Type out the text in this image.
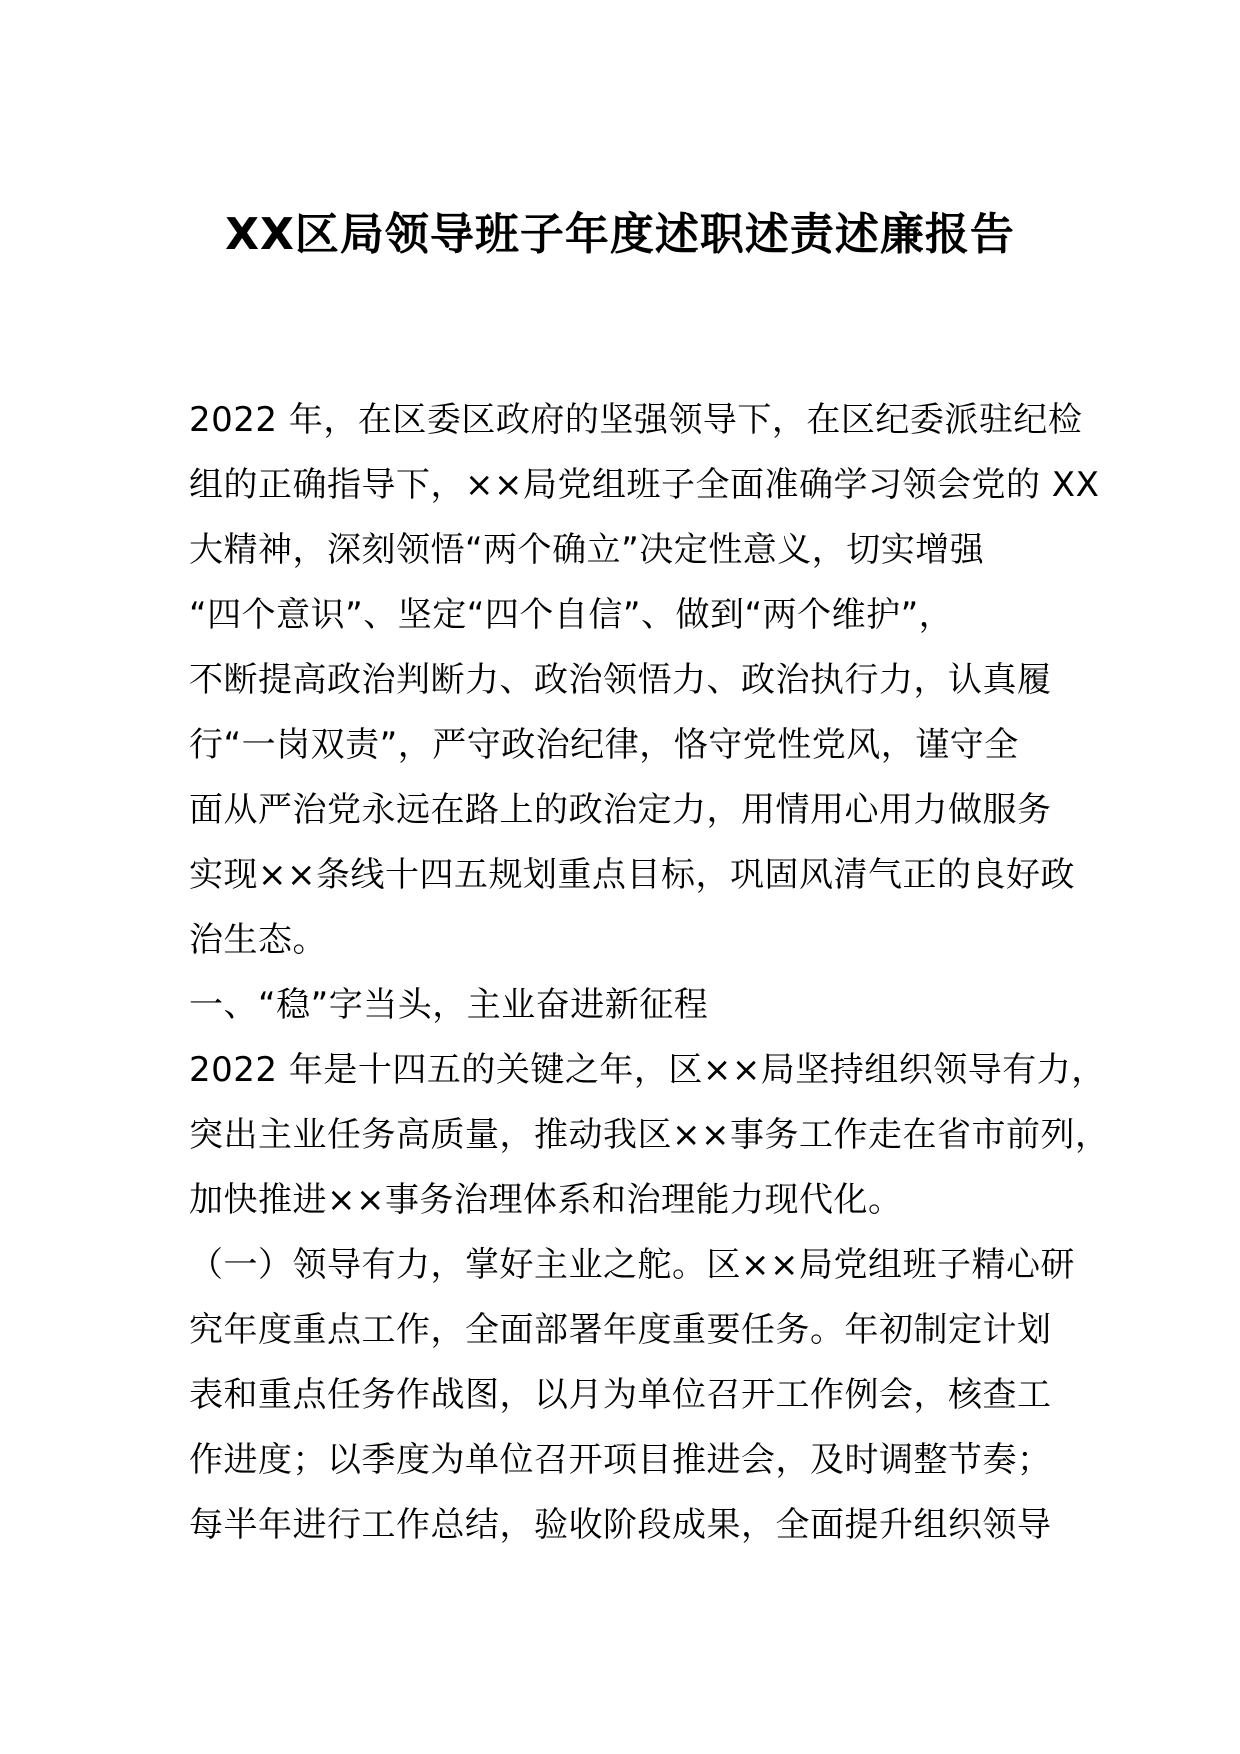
XX区局领导班子年度述职述责述廉报告
2022 年，在区委区政府的坚强领导下，在区纪委派驻纪检
组的正确指导下，××局党组班子全面准确学习领会党的 XX
大精神，深刻领悟“两个确立”决定性意义，切实增强
“四个意识”、坚定“四个自信”、做到“两个维护”，
不断提高政治判断力、政治领悟力、政治执行力，认真履
行“一岗双责”，严守政治纪律，恪守党性党风，谨守全
面从严治党永远在路上的政治定力，用情用心用力做服务
实现××条线十四五规划重点目标，巩固风清气正的良好政
治生态。
一、“稳”字当头，主业奋进新征程
2022 年是十四五的关键之年，区××局坚持组织领导有力，
突出主业任务高质量，推动我区××事务工作走在省市前列，
加快推进××事务治理体系和治理能力现代化。
（一）领导有力，掌好主业之舵。区××局党组班子精心研
究年度重点工作，全面部署年度重要任务。年初制定计划
表和重点任务作战图，以月为单位召开工作例会，核查工
作进度；以季度为单位召开项目推进会，及时调整节奏；
每半年进行工作总结，验收阶段成果，全面提升组织领导
